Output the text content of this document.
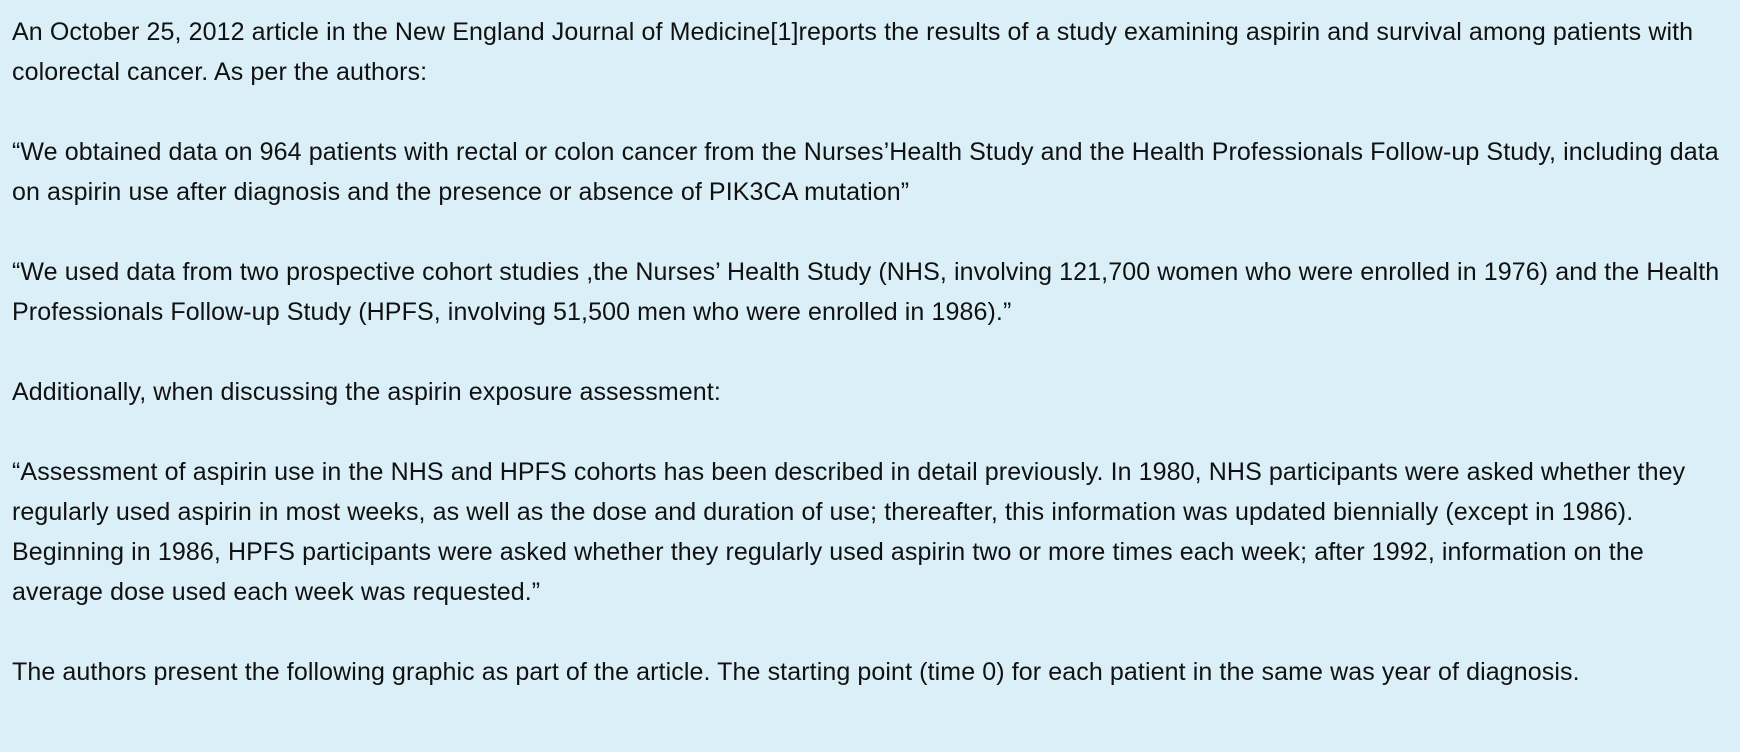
An October 25, 2012 article in the New England Journal of Medicine[1]reports the results of a study examining aspirin and survival among patients with colorectal cancer. As per the authors:

“We obtained data on 964 patients with rectal or colon cancer from the Nurses’Health Study and the Health Professionals Follow-up Study, including data on aspirin use after diagnosis and the presence or absence of PIK3CA mutation”

“We used data from two prospective cohort studies ,the Nurses’ Health Study (NHS, involving 121,700 women who were enrolled in 1976) and the Health Professionals Follow-up Study (HPFS, involving 51,500 men who were enrolled in 1986).”

Additionally, when discussing the aspirin exposure assessment:

“Assessment of aspirin use in the NHS and HPFS cohorts has been described in detail previously. In 1980, NHS participants were asked whether they regularly used aspirin in most weeks, as well as the dose and duration of use; thereafter, this information was updated biennially (except in 1986). Beginning in 1986, HPFS participants were asked whether they regularly used aspirin two or more times each week; after 1992, information on the average dose used each week was requested.”

The authors present the following graphic as part of the article. The starting point (time 0) for each patient in the same was year of diagnosis.
